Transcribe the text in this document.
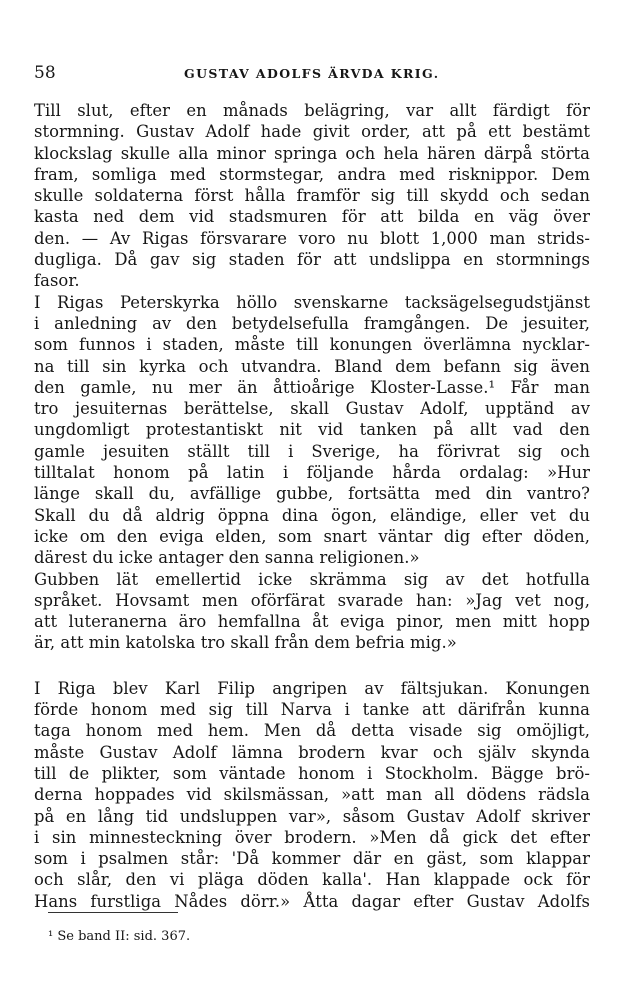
58	GUSTAV ADOLFS ÄRVDA KRIG.
Till slut, efter en månads belägring, var allt färdigt för
stormning. Gustav Adolf hade givit order, att på ett bestämt
klockslag skulle alla minor springa och hela hären därpå störta
fram, somliga med stormstegar, andra med risknippor. Dem
skulle soldaterna först hålla framför sig till skydd och sedan
kasta ned dem vid stadsmuren för att bilda en väg över
den. — Av Rigas försvarare voro nu blott 1,000 man strids-
dugliga. Då gav sig staden för att undslippa en stormnings
fasor.
I Rigas Peterskyrka höllo svenskarne tacksägelsegudstjänst
i anledning av den betydelsefulla framgången. De jesuiter,
som funnos i staden, måste till konungen överlämna nycklar-
na till sin kyrka och utvandra. Bland dem befann sig även
den gamle, nu mer än åttioårige Kloster-Lasse.¹ Får man
tro jesuiternas berättelse, skall Gustav Adolf, upptänd av
ungdomligt protestantiskt nit vid tanken på allt vad den
gamle jesuiten ställt till i Sverige, ha förivrat sig och
tilltalat honom på latin i följande hårda ordalag: »Hur
länge skall du, avfällige gubbe, fortsätta med din vantro?
Skall du då aldrig öppna dina ögon, eländige, eller vet du
icke om den eviga elden, som snart väntar dig efter döden,
därest du icke antager den sanna religionen.»
Gubben lät emellertid icke skrämma sig av det hotfulla
språket. Hovsamt men oförfärat svarade han: »Jag vet nog,
att luteranerna äro hemfallna åt eviga pinor, men mitt hopp
är, att min katolska tro skall från dem befria mig.»
I Riga blev Karl Filip angripen av fältsjukan. Konungen
förde honom med sig till Narva i tanke att därifrån kunna
taga honom med hem. Men då detta visade sig omöjligt,
måste Gustav Adolf lämna brodern kvar och själv skynda
till de plikter, som väntade honom i Stockholm. Bägge brö-
derna hoppades vid skilsmässan, »att man all dödens rädsla
på en lång tid undsluppen var», såsom Gustav Adolf skriver
i sin minnesteckning över brodern. »Men då gick det efter
som i psalmen står: 'Då kommer där en gäst, som klappar
och slår, den vi pläga döden kalla'. Han klappade ock för
Hans furstliga Nådes dörr.» Åtta dagar efter Gustav Adolfs
¹ Se band II: sid. 367.
